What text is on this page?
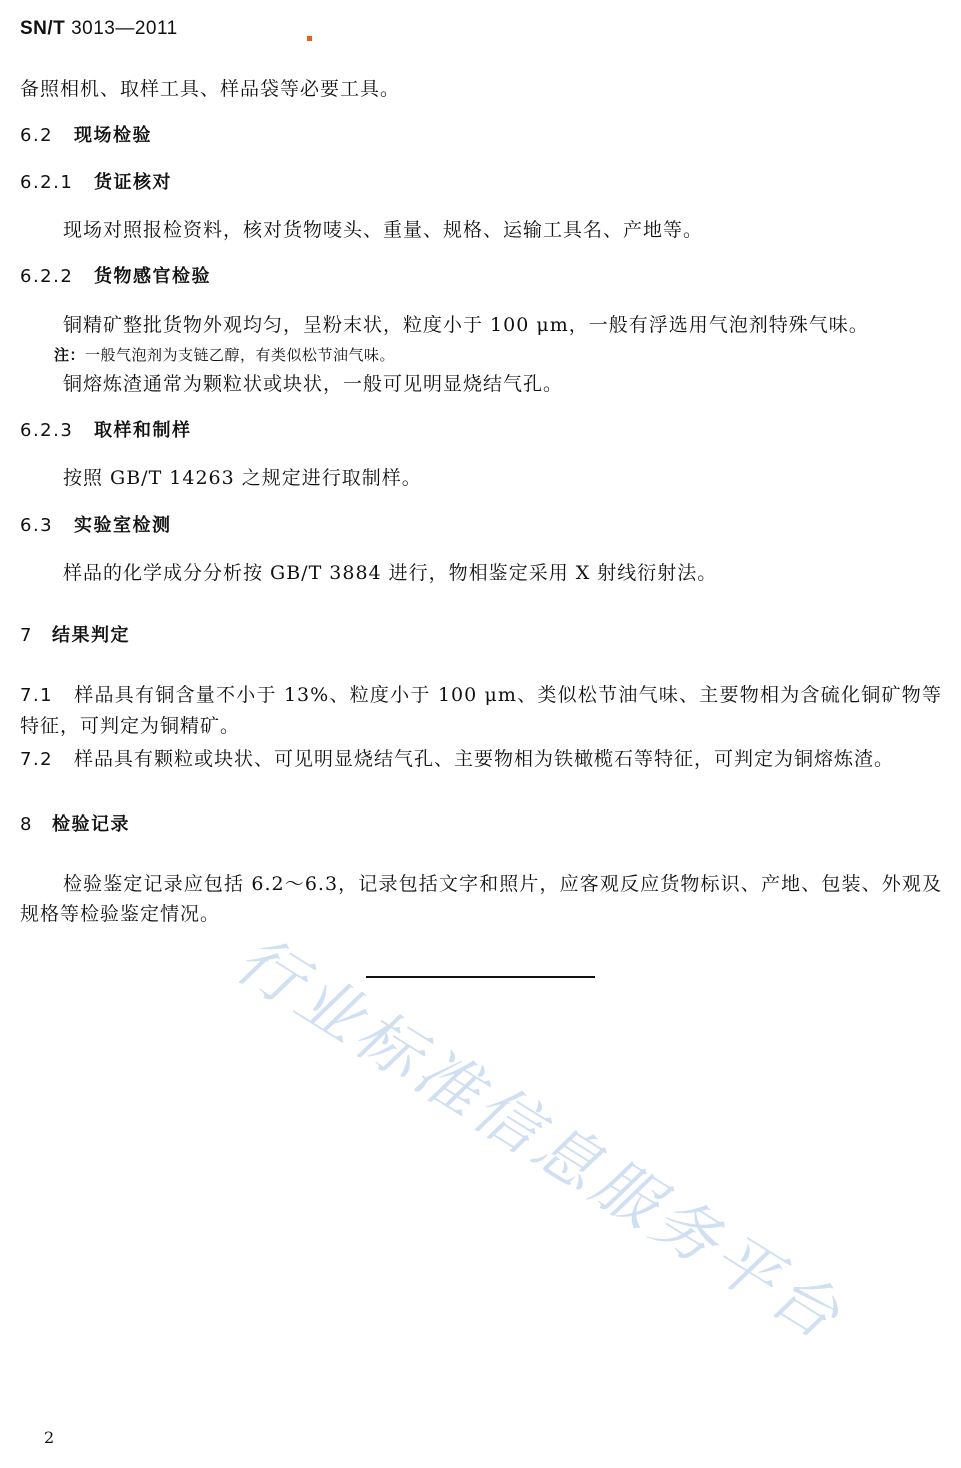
SN/T 3013—2011
备照相机、取样工具、样品袋等必要工具。
6.2 现场检验
6.2.1 货证核对
现场对照报检资料，核对货物唛头、重量、规格、运输工具名、产地等。
6.2.2 货物感官检验
铜精矿整批货物外观均匀，呈粉末状，粒度小于 100 μm，一般有浮选用气泡剂特殊气味。
注：一般气泡剂为支链乙醇，有类似松节油气味。
铜熔炼渣通常为颗粒状或块状，一般可见明显烧结气孔。
6.2.3 取样和制样
按照 GB/T 14263 之规定进行取制样。
6.3 实验室检测
样品的化学成分分析按 GB/T 3884 进行，物相鉴定采用 X 射线衍射法。
7 结果判定
7.1 样品具有铜含量不小于 13%、粒度小于 100 μm、类似松节油气味、主要物相为含硫化铜矿物等特征，可判定为铜精矿。
7.2 样品具有颗粒或块状、可见明显烧结气孔、主要物相为铁橄榄石等特征，可判定为铜熔炼渣。
8 检验记录
检验鉴定记录应包括 6.2～6.3，记录包括文字和照片，应客观反应货物标识、产地、包装、外观及规格等检验鉴定情况。
行业标准信息服务平台
2
